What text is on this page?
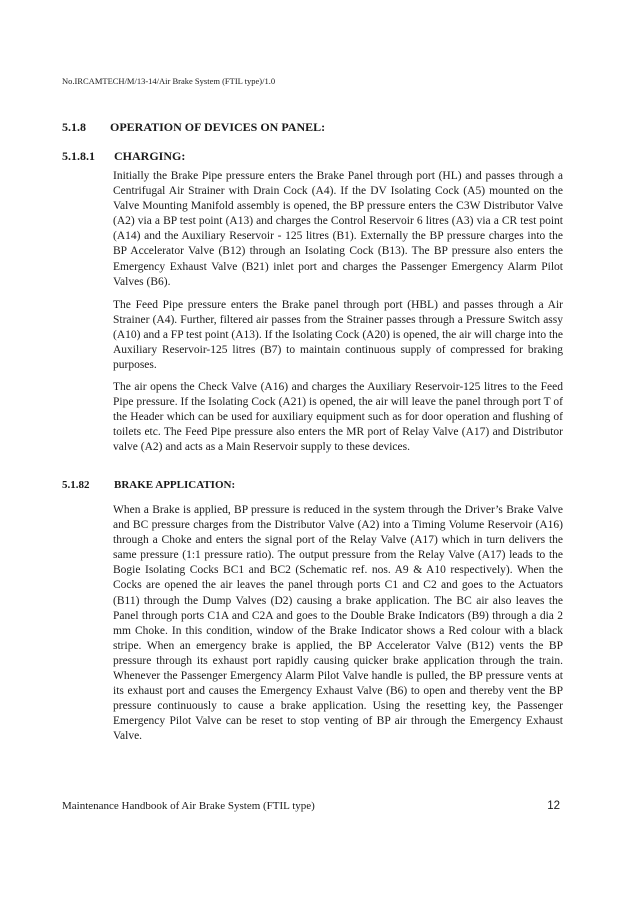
No.IRCAMTECH/M/13-14/Air Brake System (FTIL type)/1.0
5.1.8 OPERATION OF DEVICES ON PANEL:
5.1.8.1 CHARGING:

Initially the Brake Pipe pressure enters the Brake Panel through port (HL) and passes through a Centrifugal Air Strainer with Drain Cock (A4). If the DV Isolating Cock (A5) mounted on the Valve Mounting Manifold assembly is opened, the BP pressure enters the C3W Distributor Valve (A2) via a BP test point (A13) and charges the Control Reservoir 6 litres (A3) via a CR test point (A14) and the Auxiliary Reservoir - 125 litres (B1). Externally the BP pressure charges into the BP Accelerator Valve (B12) through an Isolating Cock (B13). The BP pressure also enters the Emergency Exhaust Valve (B21) inlet port and charges the Passenger Emergency Alarm Pilot Valves (B6).

The Feed Pipe pressure enters the Brake panel through port (HBL) and passes through a Air Strainer (A4). Further, filtered air passes from the Strainer passes through a Pressure Switch assy (A10) and a FP test point (A13). If the Isolating Cock (A20) is opened, the air will charge into the Auxiliary Reservoir-125 litres (B7) to maintain continuous supply of compressed for braking purposes.

The air opens the Check Valve (A16) and charges the Auxiliary Reservoir-125 litres to the Feed Pipe pressure. If the Isolating Cock (A21) is opened, the air will leave the panel through port T of the Header which can be used for auxiliary equipment such as for door operation and flushing of toilets etc. The Feed Pipe pressure also enters the MR port of Relay Valve (A17) and Distributor valve (A2) and acts as a Main Reservoir supply to these devices.

5.1.82 BRAKE APPLICATION:

When a Brake is applied, BP pressure is reduced in the system through the Driver’s Brake Valve and BC pressure charges from the Distributor Valve (A2) into a Timing Volume Reservoir (A16) through a Choke and enters the signal port of the Relay Valve (A17) which in turn delivers the same pressure (1:1 pressure ratio). The output pressure from the Relay Valve (A17) leads to the Bogie Isolating Cocks BC1 and BC2 (Schematic ref. nos. A9 & A10 respectively). When the Cocks are opened the air leaves the panel through ports C1 and C2 and goes to the Actuators (B11) through the Dump Valves (D2) causing a brake application. The BC air also leaves the Panel through ports C1A and C2A and goes to the Double Brake Indicators (B9) through a dia 2 mm Choke. In this condition, window of the Brake Indicator shows a Red colour with a black stripe. When an emergency brake is applied, the BP Accelerator Valve (B12) vents the BP pressure through its exhaust port rapidly causing quicker brake application through the train. Whenever the Passenger Emergency Alarm Pilot Valve handle is pulled, the BP pressure vents at its exhaust port and causes the Emergency Exhaust Valve (B6) to open and thereby vent the BP pressure continuously to cause a brake application. Using the resetting key, the Passenger Emergency Pilot Valve can be reset to stop venting of BP air through the Emergency Exhaust Valve.

Maintenance Handbook of Air Brake System (FTIL type)	12
